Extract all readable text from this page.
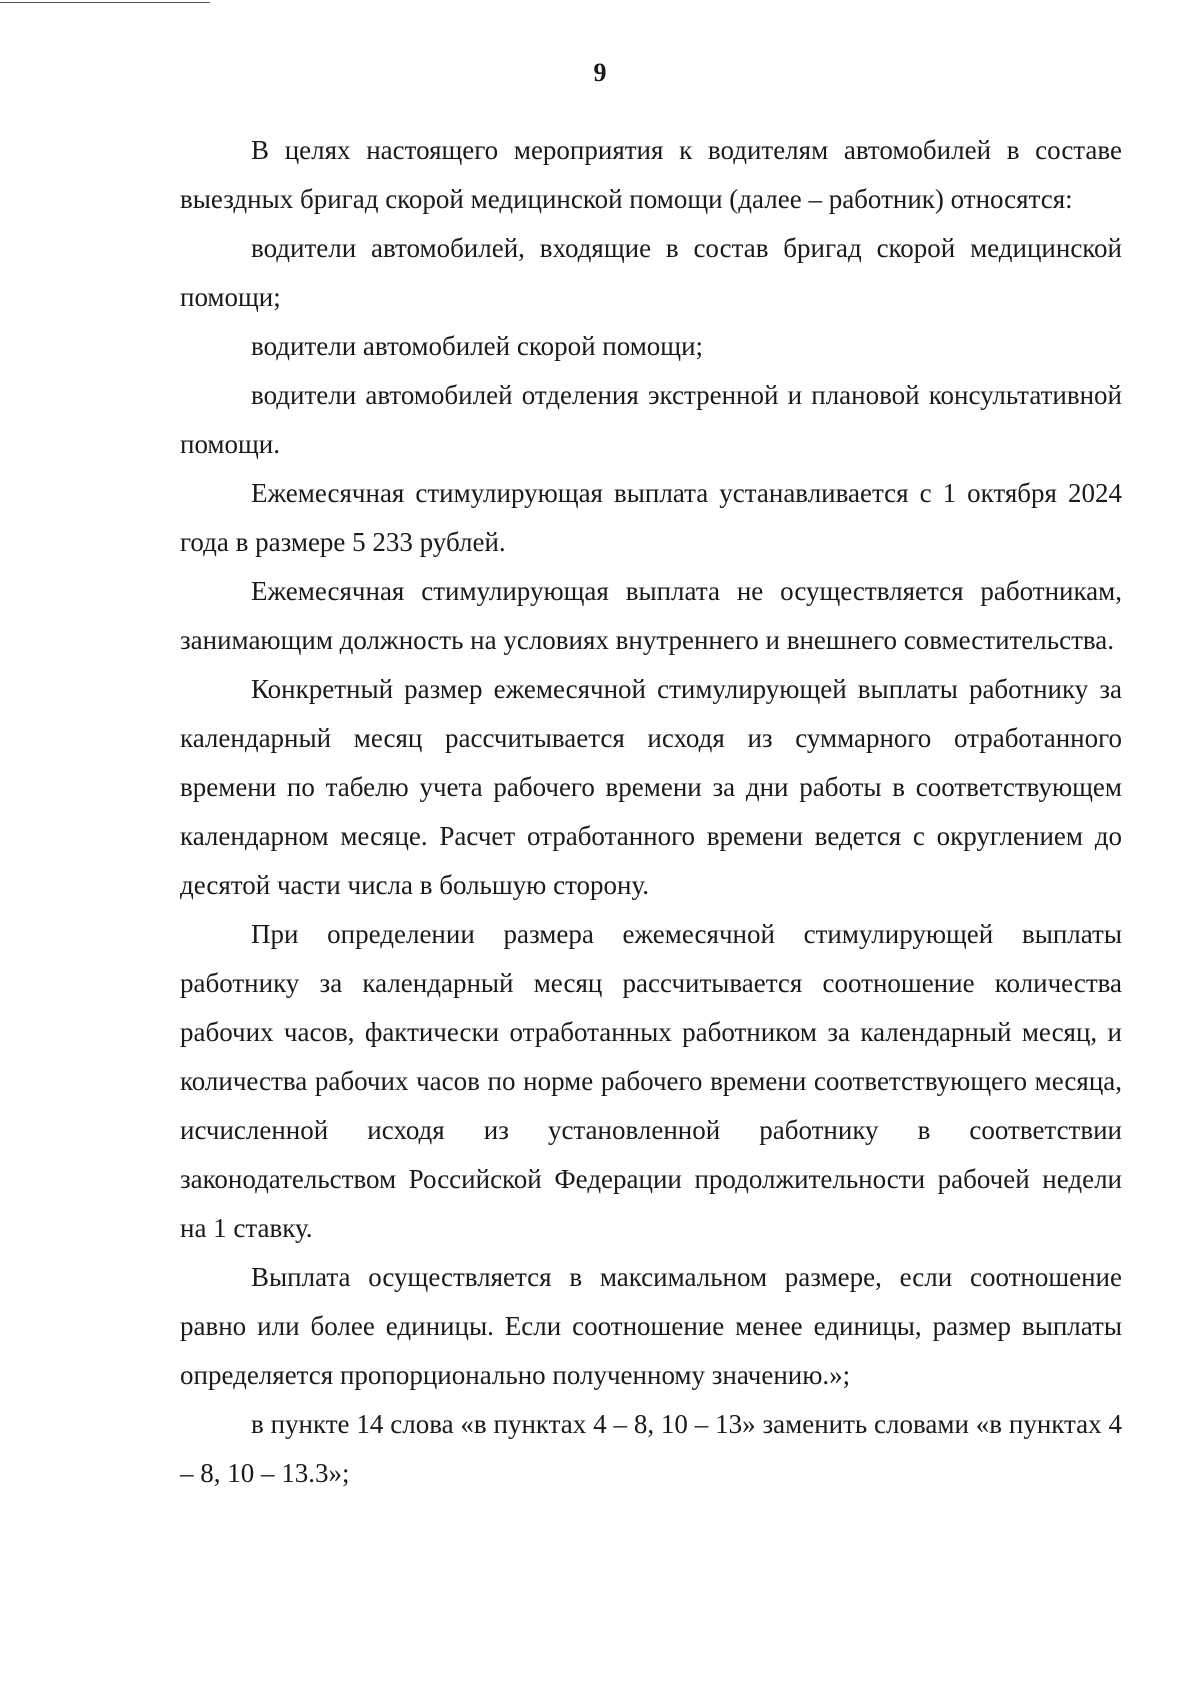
9

В целях настоящего мероприятия к водителям автомобилей в составе выездных бригад скорой медицинской помощи (далее – работник) относятся:

водители автомобилей, входящие в состав бригад скорой медицинской помощи;

водители автомобилей скорой помощи;

водители автомобилей отделения экстренной и плановой консультативной помощи.

Ежемесячная стимулирующая выплата устанавливается с 1 октября 2024 года в размере 5 233 рублей.

Ежемесячная стимулирующая выплата не осуществляется работникам, занимающим должность на условиях внутреннего и внешнего совместительства.

Конкретный размер ежемесячной стимулирующей выплаты работнику за календарный месяц рассчитывается исходя из суммарного отработанного времени по табелю учета рабочего времени за дни работы в соответствующем календарном месяце. Расчет отработанного времени ведется с округлением до десятой части числа в большую сторону.

При определении размера ежемесячной стимулирующей выплаты работнику за календарный месяц рассчитывается соотношение количества рабочих часов, фактически отработанных работником за календарный месяц, и количества рабочих часов по норме рабочего времени соответствующего месяца, исчисленной исходя из установленной работнику в соответствии законодательством Российской Федерации продолжительности рабочей недели на 1 ставку.

Выплата осуществляется в максимальном размере, если соотношение равно или более единицы. Если соотношение менее единицы, размер выплаты определяется пропорционально полученному значению.»;

в пункте 14 слова «в пунктах 4 – 8, 10 – 13» заменить словами «в пунктах 4 – 8, 10 – 13.3»;
